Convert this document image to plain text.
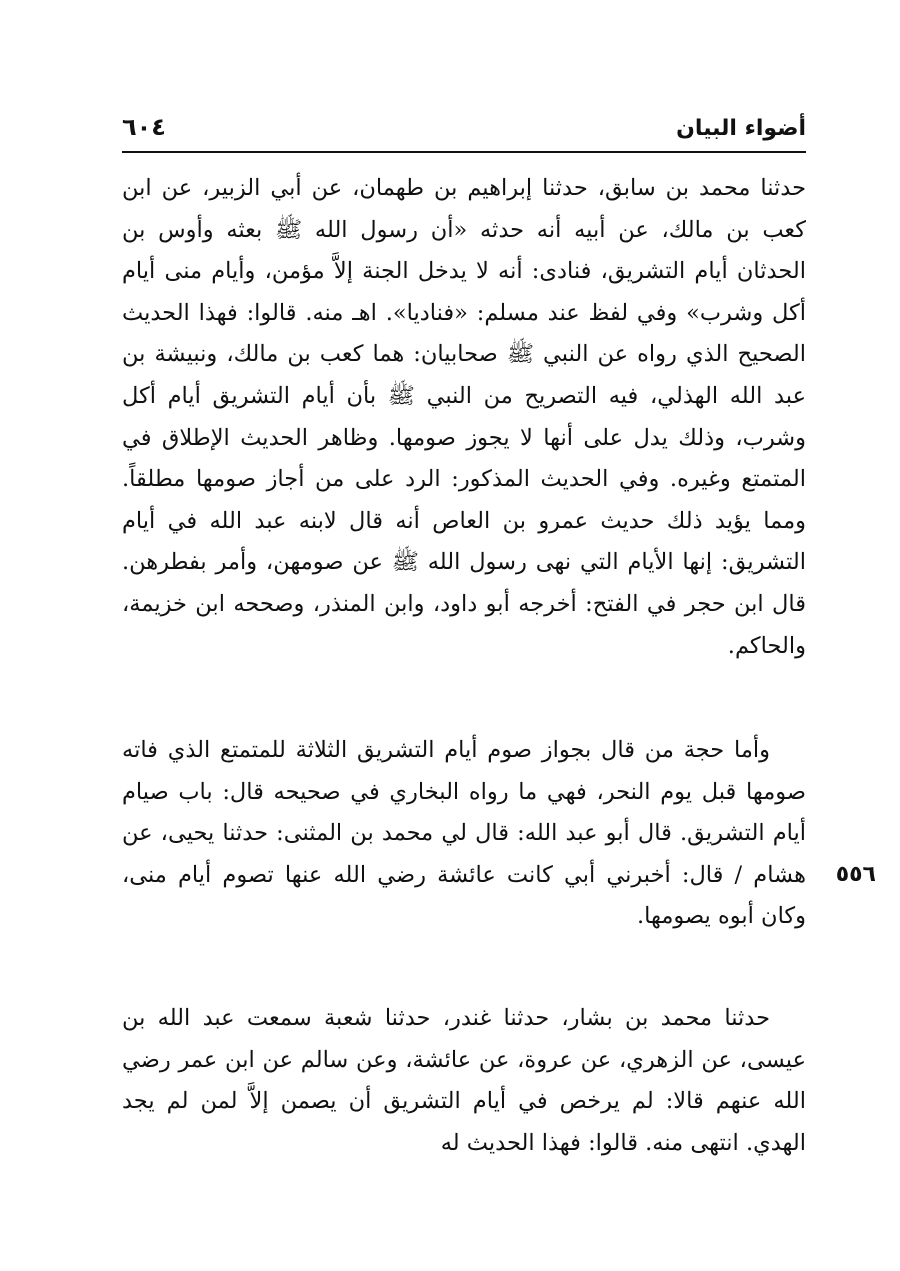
أضواء البيان
٦٠٤
٥٥٦

حدثنا محمد بن سابق، حدثنا إبراهيم بن طهمان، عن أبي الزبير، عن ابن كعب بن مالك، عن أبيه أنه حدثه «أن رسول الله ﷺ بعثه وأوس بن الحدثان أيام التشريق، فنادى: أنه لا يدخل الجنة إلاَّ مؤمن، وأيام منى أيام أكل وشرب» وفي لفظ عند مسلم: «فناديا». اهـ منه. قالوا: فهذا الحديث الصحيح الذي رواه عن النبي ﷺ صحابيان: هما كعب بن مالك، ونبيشة بن عبد الله الهذلي، فيه التصريح من النبي ﷺ بأن أيام التشريق أيام أكل وشرب، وذلك يدل على أنها لا يجوز صومها. وظاهر الحديث الإطلاق في المتمتع وغيره. وفي الحديث المذكور: الرد على من أجاز صومها مطلقاً. ومما يؤيد ذلك حديث عمرو بن العاص أنه قال لابنه عبد الله في أيام التشريق: إنها الأيام التي نهى رسول الله ﷺ عن صومهن، وأمر بفطرهن. قال ابن حجر في الفتح: أخرجه أبو داود، وابن المنذر، وصححه ابن خزيمة، والحاكم.

وأما حجة من قال بجواز صوم أيام التشريق الثلاثة للمتمتع الذي فاته صومها قبل يوم النحر، فهي ما رواه البخاري في صحيحه قال: باب صيام أيام التشريق. قال أبو عبد الله: قال لي محمد بن المثنى: حدثنا يحيى، عن هشام / قال: أخبرني أبي كانت عائشة رضي الله عنها تصوم أيام منى، وكان أبوه يصومها.

حدثنا محمد بن بشار، حدثنا غندر، حدثنا شعبة سمعت عبد الله بن عيسى، عن الزهري، عن عروة، عن عائشة، وعن سالم عن ابن عمر رضي الله عنهم قالا: لم يرخص في أيام التشريق أن يصمن إلاَّ لمن لم يجد الهدي. انتهى منه. قالوا: فهذا الحديث له
